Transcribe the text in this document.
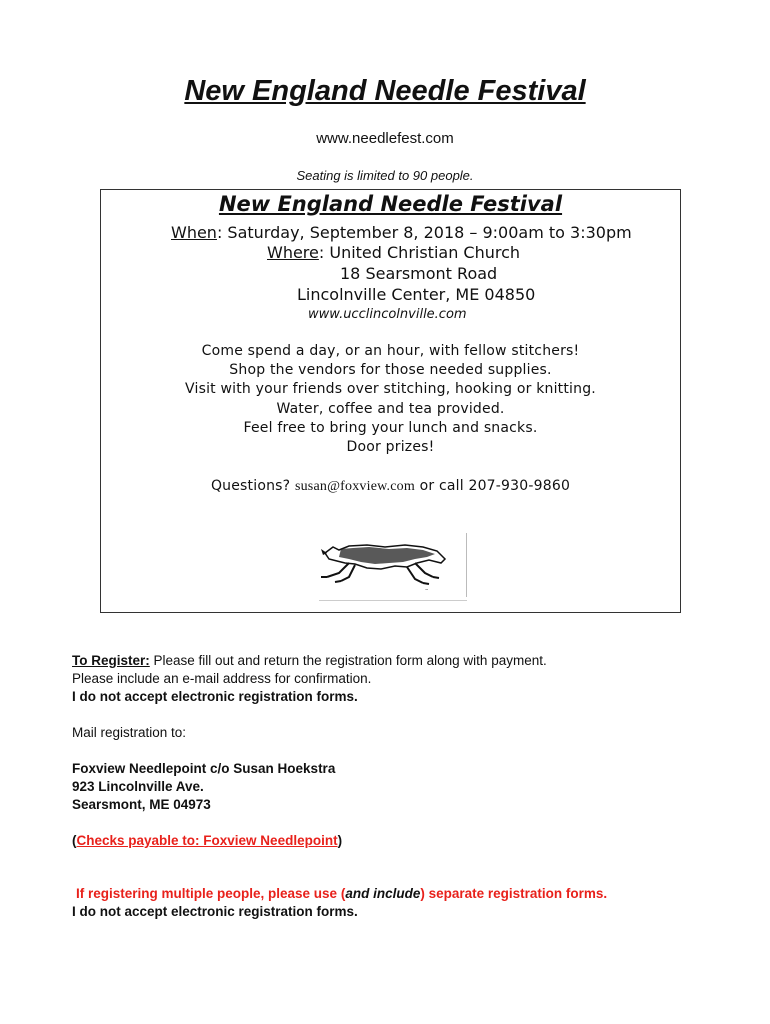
New England Needle Festival
www.needlefest.com
Seating is limited to 90 people.
New England Needle Festival
When: Saturday, September 8, 2018 – 9:00am to 3:30pm
Where: United Christian Church
18 Searsmont Road
Lincolnville Center, ME 04850
www.ucclincolnville.com
Come spend a day, or an hour, with fellow stitchers!
Shop the vendors for those needed supplies.
Visit with your friends over stitching, hooking or knitting.
Water, coffee and tea provided.
Feel free to bring your lunch and snacks.
Door prizes!
Questions? susan@foxview.com or call 207-930-9860
~
To Register: Please fill out and return the registration form along with payment.
Please include an e-mail address for confirmation.
I do not accept electronic registration forms.
Mail registration to:
Foxview Needlepoint c/o Susan Hoekstra
923 Lincolnville Ave.
Searsmont, ME 04973
(Checks payable to: Foxview Needlepoint)
If registering multiple people, please use (and include) separate registration forms.
I do not accept electronic registration forms.
